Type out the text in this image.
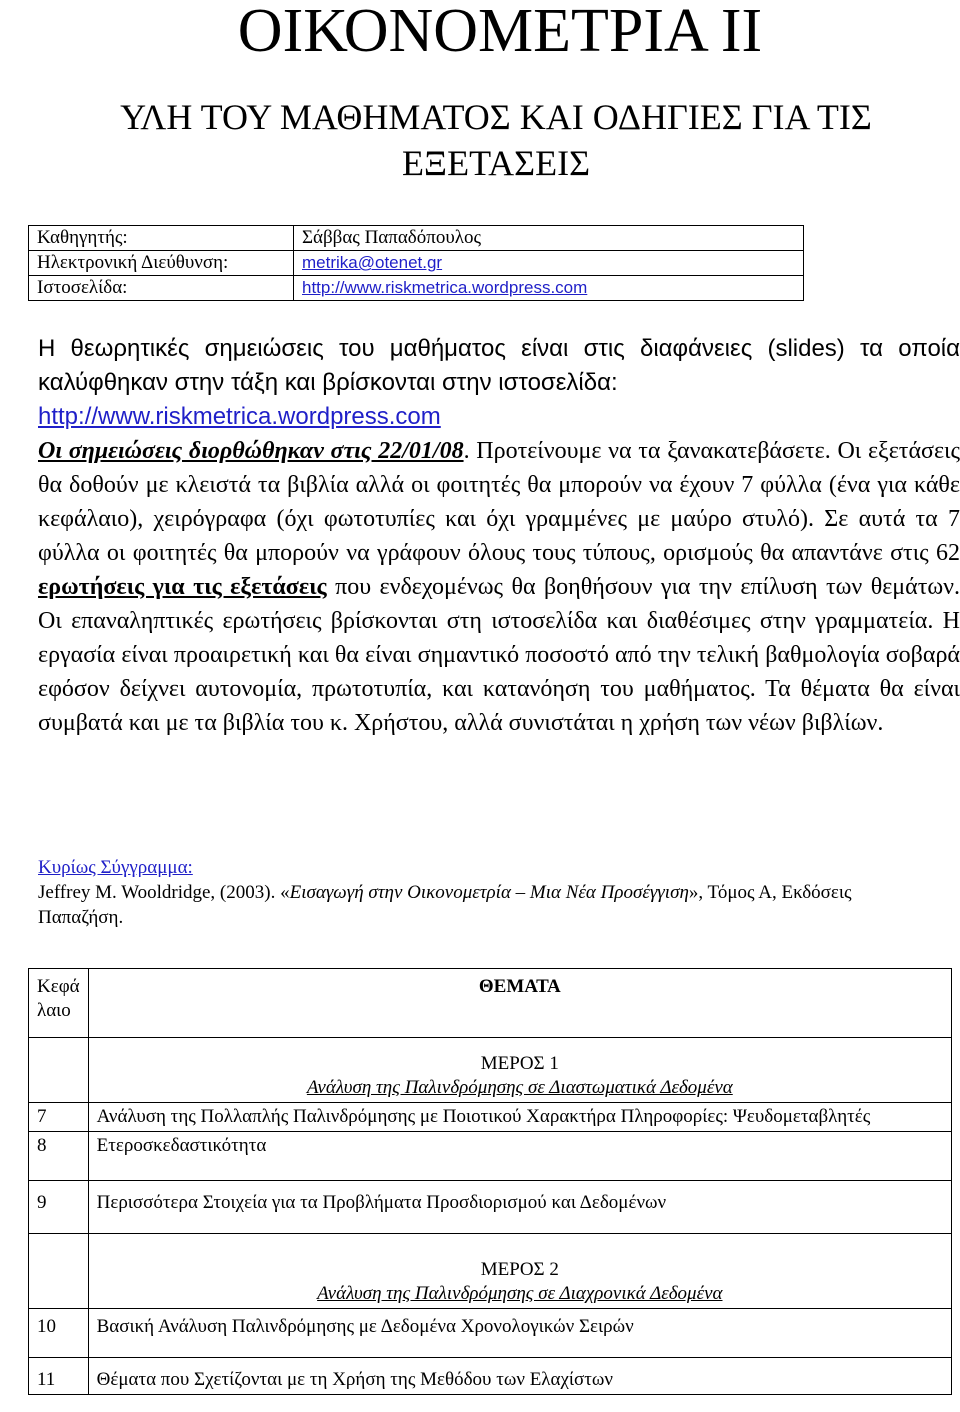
ΟΙΚΟΝΟΜΕΤΡΙΑ ΙΙ
ΥΛΗ ΤΟΥ ΜΑΘΗΜΑΤΟΣ ΚΑΙ ΟΔΗΓΙΕΣ ΓΙΑ ΤΙΣ ΕΞΕΤΑΣΕΙΣ
Καθηγητής:	Σάββας Παπαδόπουλος
Ηλεκτρονική Διεύθυνση:	metrika@otenet.gr
Ιστοσελίδα:	http://www.riskmetrica.wordpress.com

Η θεωρητικές σημειώσεις του μαθήματος είναι στις διαφάνειες (slides) τα οποία καλύφθηκαν στην τάξη και βρίσκονται στην ιστοσελίδα:
http://www.riskmetrica.wordpress.com

Οι σημειώσεις διορθώθηκαν στις 22/01/08. Προτείνουμε να τα ξανακατεβάσετε. Οι εξετάσεις θα δοθούν με κλειστά τα βιβλία αλλά οι φοιτητές θα μπορούν να έχουν 7 φύλλα (ένα για κάθε κεφάλαιο), χειρόγραφα (όχι φωτοτυπίες και όχι γραμμένες με μαύρο στυλό). Σε αυτά τα 7 φύλλα οι φοιτητές θα μπορούν να γράφουν όλους τους τύπους, ορισμούς θα απαντάνε στις 62 ερωτήσεις για τις εξετάσεις που ενδεχομένως θα βοηθήσουν για την επίλυση των θεμάτων. Οι επαναληπτικές ερωτήσεις βρίσκονται στη ιστοσελίδα και διαθέσιμες στην γραμματεία. Η εργασία είναι προαιρετική και θα είναι σημαντικό ποσοστό από την τελική βαθμολογία σοβαρά εφόσον δείχνει αυτονομία, πρωτοτυπία, και κατανόηση του μαθήματος. Τα θέματα θα είναι συμβατά και με τα βιβλία του κ. Χρήστου, αλλά συνιστάται η χρήση των νέων βιβλίων.

Κυρίως Σύγγραμμα:
Jeffrey M. Wooldridge, (2003). «Εισαγωγή στην Οικονομετρία – Μια Νέα Προσέγγιση», Τόμος Α, Εκδόσεις Παπαζήση.
Κεφά λαιο	ΘΕΜΑΤΑ
	ΜΕΡΟΣ 1
Ανάλυση της Παλινδρόμησης σε Διαστωματικά Δεδομένα
7	Ανάλυση της Πολλαπλής Παλινδρόμησης με Ποιοτικού Χαρακτήρα Πληροφορίες: Ψευδομεταβλητές
8	Ετεροσκεδαστικότητα
9	Περισσότερα Στοιχεία για τα Προβλήματα Προσδιορισμού και Δεδομένων
	ΜΕΡΟΣ 2
Ανάλυση της Παλινδρόμησης σε Διαχρονικά Δεδομένα
10	Βασική Ανάλυση Παλινδρόμησης με Δεδομένα Χρονολογικών Σειρών
11	Θέματα που Σχετίζονται με τη Χρήση της Μεθόδου των Ελαχίστων
